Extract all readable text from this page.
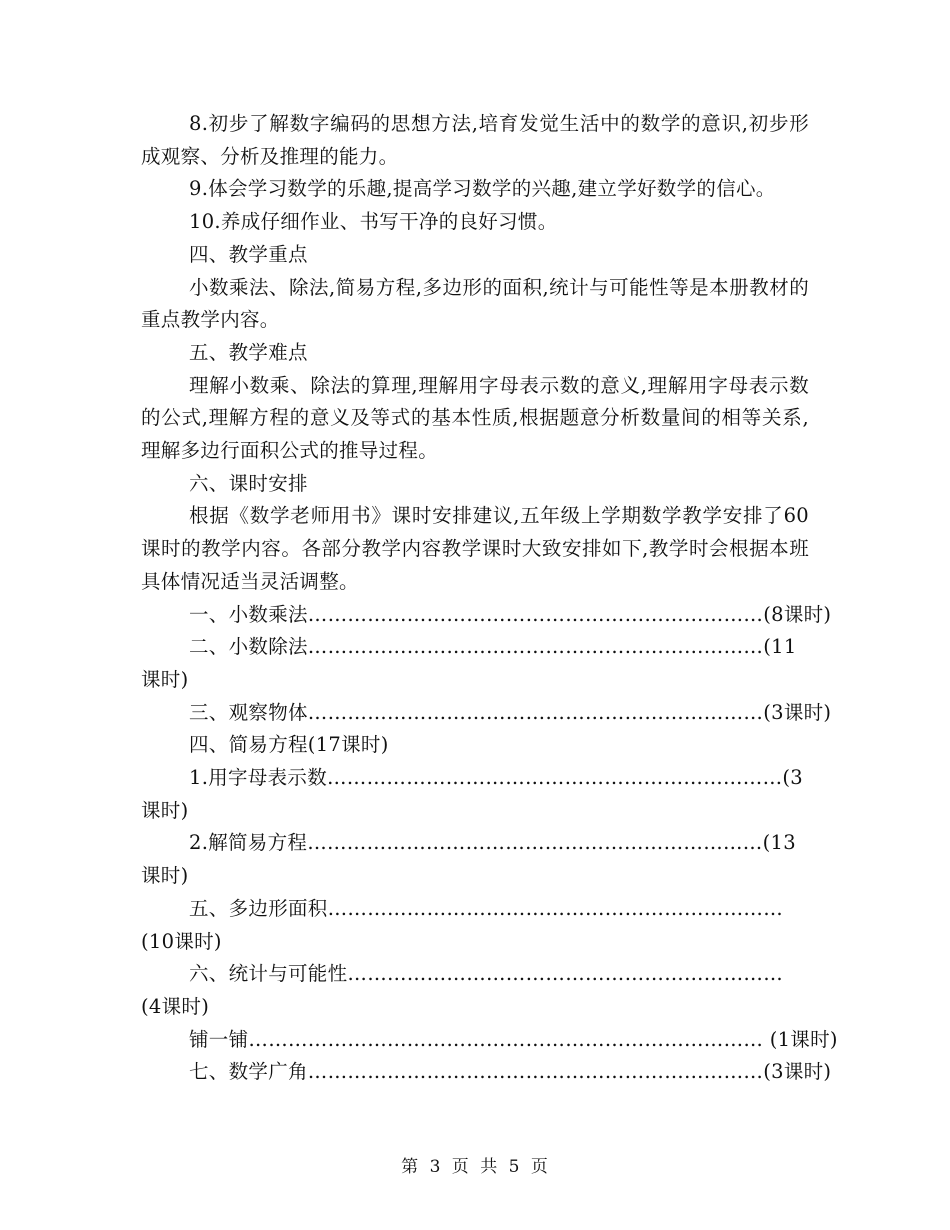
8.初步了解数字编码的思想方法,培育发觉生活中的数学的意识,初步形成观察、分析及推理的能力。

9.体会学习数学的乐趣,提高学习数学的兴趣,建立学好数学的信心。

10.养成仔细作业、书写干净的良好习惯。

四、教学重点

小数乘法、除法,简易方程,多边形的面积,统计与可能性等是本册教材的重点教学内容。

五、教学难点

理解小数乘、除法的算理,理解用字母表示数的意义,理解用字母表示数的公式,理解方程的意义及等式的基本性质,根据题意分析数量间的相等关系,理解多边行面积公式的推导过程。

六、课时安排

根据《数学老师用书》课时安排建议,五年级上学期数学教学安排了60课时的教学内容。各部分教学内容教学课时大致安排如下,教学时会根据本班具体情况适当灵活调整。

一、小数乘法……………………………………………………………(8课时)
二、小数除法……………………………………………………………(11课时)
三、观察物体……………………………………………………………(3课时)
四、简易方程(17课时)
1.用字母表示数……………………………………………………………(3课时)
2.解简易方程……………………………………………………………(13课时)
五、多边形面积…………………………………………………………… (10课时)
六、统计与可能性………………………………………………………… (4课时)
铺一铺…………………………………………………………………… (1课时)
七、数学广角……………………………………………………………(3课时)
第 3 页 共 5 页
